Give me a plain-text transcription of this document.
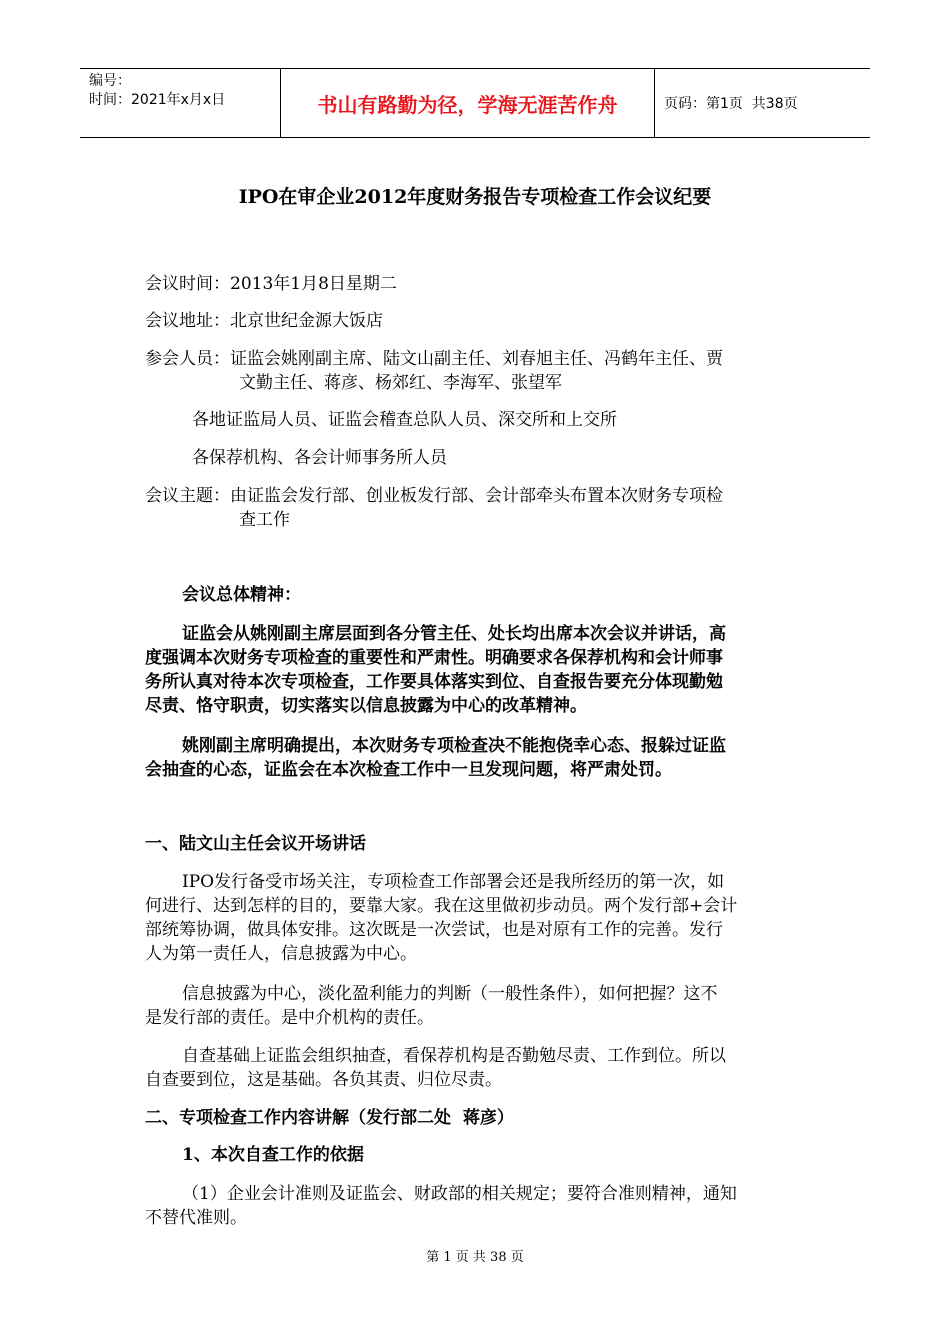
编号：
时间：2021年x月x日	书山有路勤为径，学海无涯苦作舟	页码：第1页  共38页
IPO在审企业2012年度财务报告专项检查工作会议纪要
会议时间：2013年1月8日星期二
会议地址：北京世纪金源大饭店
参会人员：证监会姚刚副主席、陆文山副主任、刘春旭主任、冯鹤年主任、贾
文勤主任、蒋彦、杨郊红、李海军、张望军
各地证监局人员、证监会稽查总队人员、深交所和上交所
各保荐机构、各会计师事务所人员
会议主题：由证监会发行部、创业板发行部、会计部牵头布置本次财务专项检
查工作
会议总体精神：
证监会从姚刚副主席层面到各分管主任、处长均出席本次会议并讲话，高
度强调本次财务专项检查的重要性和严肃性。明确要求各保荐机构和会计师事
务所认真对待本次专项检查，工作要具体落实到位、自查报告要充分体现勤勉
尽责、恪守职责，切实落实以信息披露为中心的改革精神。
姚刚副主席明确提出，本次财务专项检查决不能抱侥幸心态、报躲过证监
会抽查的心态，证监会在本次检查工作中一旦发现问题，将严肃处罚。
一、陆文山主任会议开场讲话
IPO发行备受市场关注，专项检查工作部署会还是我所经历的第一次，如
何进行、达到怎样的目的，要靠大家。我在这里做初步动员。两个发行部+会计
部统筹协调，做具体安排。这次既是一次尝试，也是对原有工作的完善。发行
人为第一责任人，信息披露为中心。
信息披露为中心，淡化盈利能力的判断（一般性条件），如何把握？这不
是发行部的责任。是中介机构的责任。
自查基础上证监会组织抽查，看保荐机构是否勤勉尽责、工作到位。所以
自查要到位，这是基础。各负其责、归位尽责。
二、专项检查工作内容讲解（发行部二处  蒋彦）
1、本次自查工作的依据
（1）企业会计准则及证监会、财政部的相关规定；要符合准则精神，通知
不替代准则。
第 1 页 共 38 页
